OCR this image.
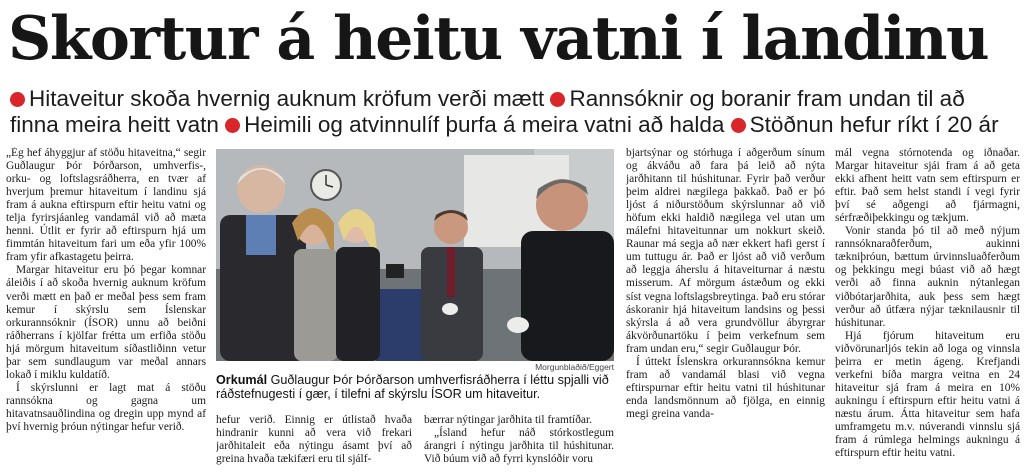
Skortur á heitu vatni í landinu
Hitaveitur skoða hvernig auknum kröfum verði mætt Rannsóknir og boranir fram undan til að finna meira heitt vatn Heimili og atvinnulíf þurfa á meira vatni að halda Stöðnun hefur ríkt í 20 ár

„Ég hef áhyggjur af stöðu hitaveitna,“ segir Guðlaugur Þór Þórðarson, umhverfis-, orku- og loftslagsráðherra, en tvær af hverjum þremur hitaveitum í landinu sjá fram á aukna eftirspurn eftir heitu vatni og telja fyrirsjáanleg vandamál við að mæta henni. Útlit er fyrir að eftirspurn hjá um fimmtán hitaveitum fari um eða yfir 100% fram yfir afkastagetu þeirra.

Margar hitaveitur eru þó þegar komnar áleiðis í að skoða hvernig auknum kröfum verði mætt en það er meðal þess sem fram kemur í skýrslu sem Íslenskar orkurannsóknir (ÍSOR) unnu að beiðni ráðherrans í kjölfar frétta um erfiða stöðu hjá mörgum hitaveitum síðastliðinn vetur þar sem sundlaugum var meðal annars lokað í miklu kuldatíð.

Í skýrslunni er lagt mat á stöðu rannsókna og gagna um hitavatnsauðlindina og dregin upp mynd af því hvernig þróun nýtingar hefur verið.

Morgunblaðið/Eggert
Orkumál Guðlaugur Þór Þórðarson umhverfisráðherra í léttu spjalli við ráðstefnugesti í gær, í tilefni af skýrslu ÍSOR um hitaveitur.

hefur verið. Einnig er útlistað hvaða hindranir kunni að vera við frekari jarðhitaleit eða nýtingu ásamt því að greina hvaða tækifæri eru til sjálf-

bærrar nýtingar jarðhita til framtíðar.

„Ísland hefur náð stórkostlegum árangri í nýtingu jarðhita til húshitunar. Við búum við að fyrri kynslóðir voru

bjartsýnar og stórhuga í aðgerðum sínum og ákváðu að fara þá leið að nýta jarðhitann til húshitunar. Fyrir það verður þeim aldrei nægilega þakkað. Það er þó ljóst á niðurstöðum skýrslunnar að við höfum ekki haldið nægilega vel utan um málefni hitaveitunnar um nokkurt skeið. Raunar má segja að nær ekkert hafi gerst í um tuttugu ár. Það er ljóst að við verðum að leggja áherslu á hitaveiturnar á næstu misserum. Af mörgum ástæðum og ekki síst vegna loftslagsbreytinga. Það eru stórar áskoranir hjá hitaveitum landsins og þessi skýrsla á að vera grundvöllur ábyrgrar ákvörðunartöku í þeim verkefnum sem fram undan eru,“ segir Guðlaugur Þór.

Í úttekt Íslenskra orkurannsókna kemur fram að vandamál blasi við vegna eftirspurnar eftir heitu vatni til húshitunar enda landsmönnum að fjölga, en einnig megi greina vanda-

mál vegna stórnotenda og iðnaðar. Margar hitaveitur sjái fram á að geta ekki afhent heitt vatn sem eftirspurn er eftir. Það sem helst standi í vegi fyrir því sé aðgengi að fjármagni, sérfræðiþekkingu og tækjum.

Vonir standa þó til að með nýjum rannsóknaraðferðum, aukinni tækniþróun, bættum úrvinnsluaðferðum og þekkingu megi búast við að hægt verði að finna auknin nýtanlegan viðbótarjarðhita, auk þess sem hægt verður að útfæra nýjar tæknilausnir til húshitunar.

Hjá fjórum hitaveitum eru viðvörunarljós tekin að loga og vinnsla þeirra er metin ágeng. Krefjandi verkefni bíða margra veitna en 24 hitaveitur sjá fram á meira en 10% aukningu í eftirspurn eftir heitu vatni á næstu árum. Átta hitaveitur sem hafa umframgetu m.v. núverandi vinnslu sjá fram á rúmlega helmings aukningu á eftirspurn eftir heitu vatni.
